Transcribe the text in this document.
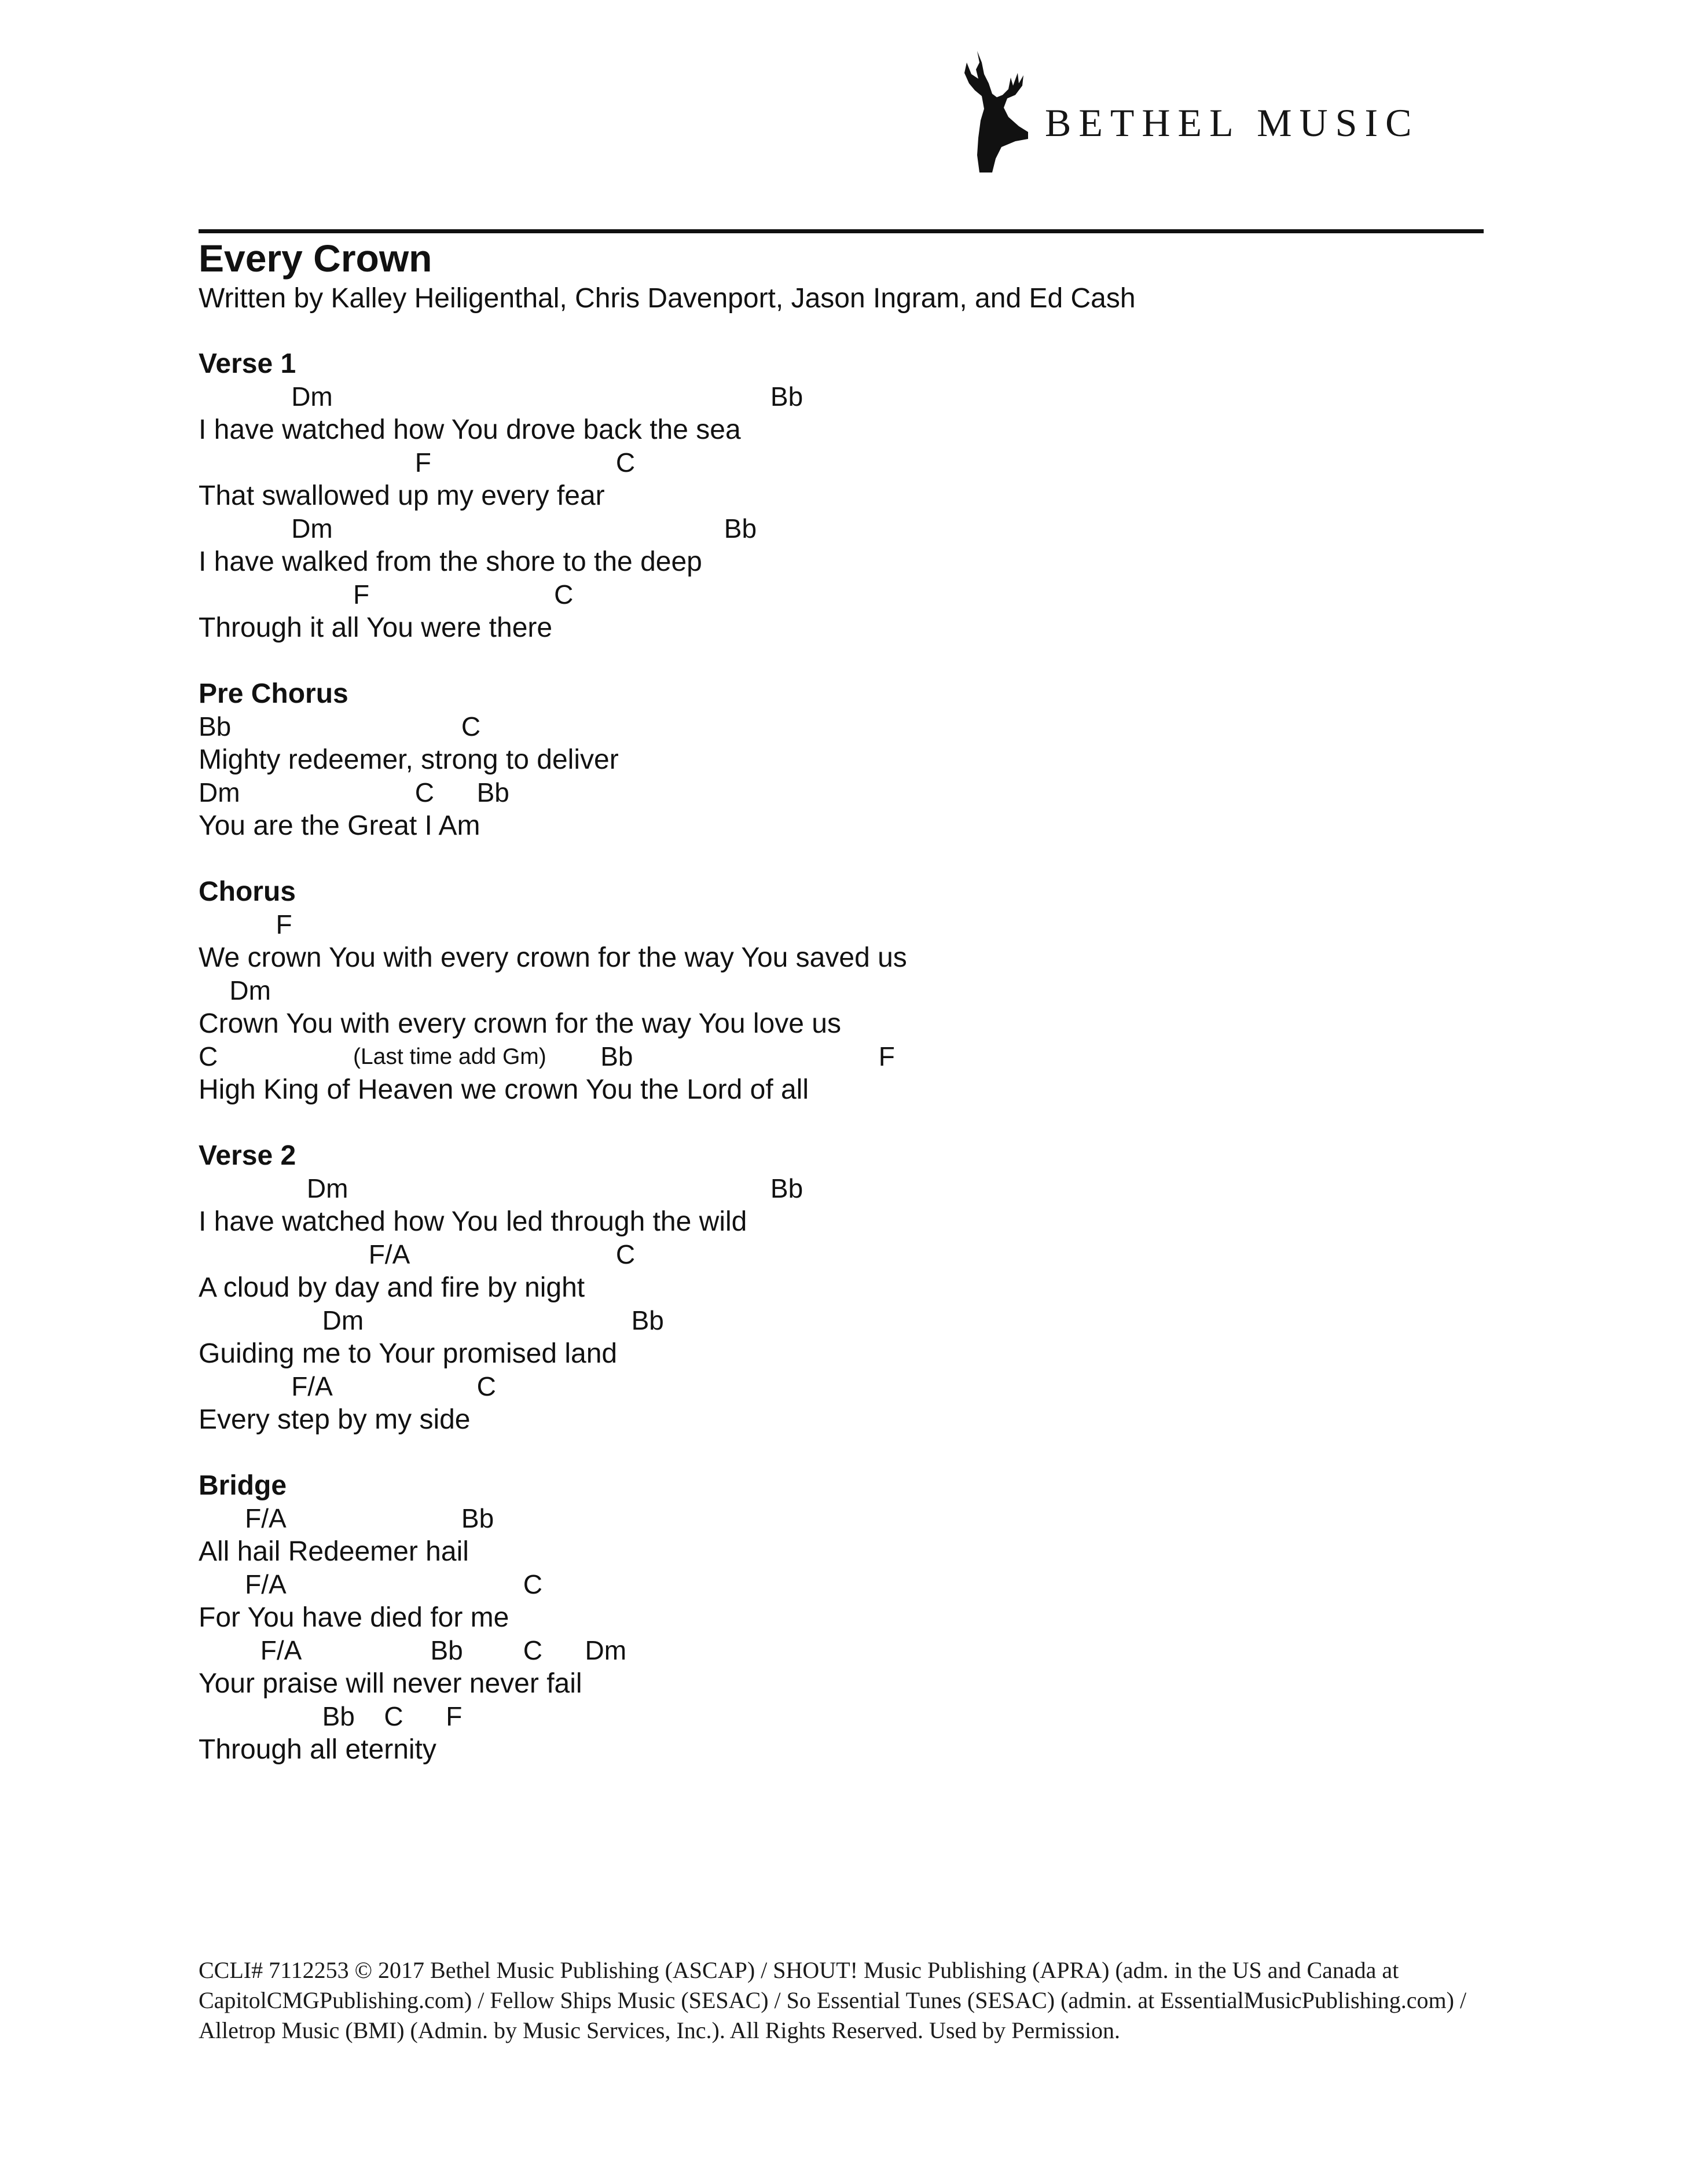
BETHEL MUSIC
Every Crown
Written by Kalley Heiligenthal, Chris Davenport, Jason Ingram, and Ed Cash
Verse 1
Dm	Bb
I have watched how You drove back the sea
F	C
That swallowed up my every fear
Dm	Bb
I have walked from the shore to the deep
F	C
Through it all You were there
Pre Chorus
Bb	C
Mighty redeemer, strong to deliver
Dm	C Bb
You are the Great I Am
Chorus
F
We crown You with every crown for the way You saved us
Dm
Crown You with every crown for the way You love us
C	(Last time add Gm) Bb	F
High King of Heaven we crown You the Lord of all
Verse 2
Dm	Bb
I have watched how You led through the wild
F/A	C
A cloud by day and fire by night
Dm	Bb
Guiding me to Your promised land
F/A	C
Every step by my side
Bridge
F/A	Bb
All hail Redeemer hail
F/A	C
For You have died for me
F/A	Bb C Dm
Your praise will never never fail
Bb C F
Through all eternity
CCLI# 7112253 © 2017 Bethel Music Publishing (ASCAP) / SHOUT! Music Publishing (APRA) (adm. in the US and Canada at CapitolCMGPublishing.com) / Fellow Ships Music (SESAC) / So Essential Tunes (SESAC) (admin. at EssentialMusicPublishing.com) / Alletrop Music (BMI) (Admin. by Music Services, Inc.). All Rights Reserved. Used by Permission.
